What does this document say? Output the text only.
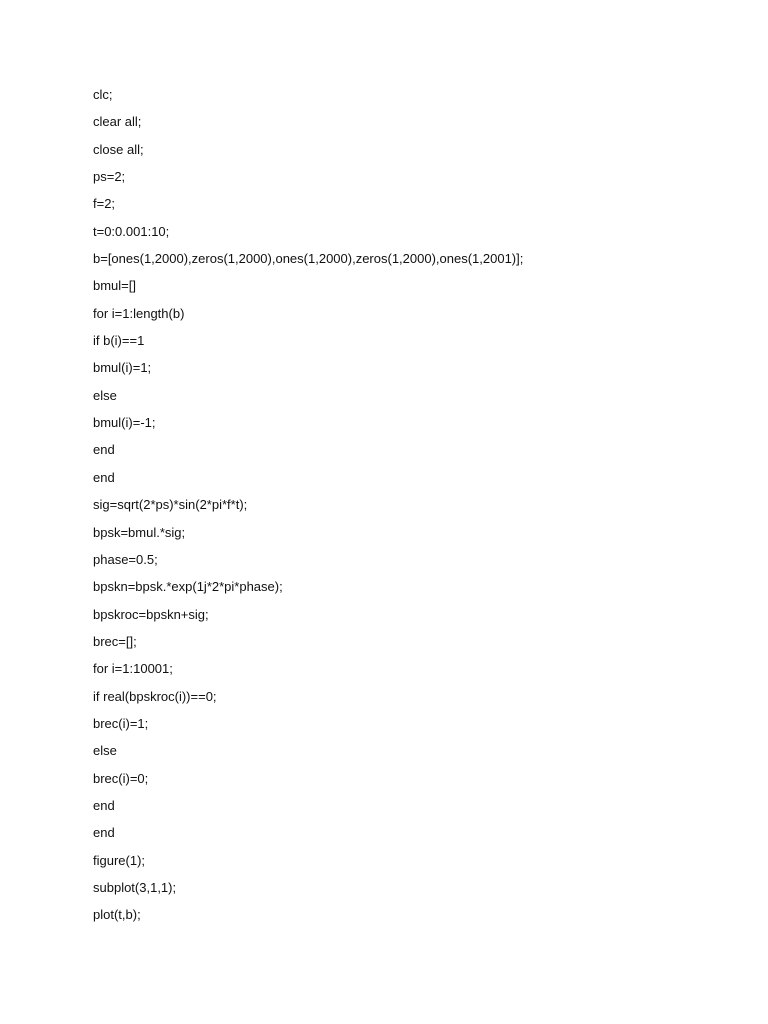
clc;
clear all;
close all;
ps=2;
f=2;
t=0:0.001:10;
b=[ones(1,2000),zeros(1,2000),ones(1,2000),zeros(1,2000),ones(1,2001)];
bmul=[]
for i=1:length(b)
if b(i)==1
bmul(i)=1;
else
bmul(i)=-1;
end
end
sig=sqrt(2*ps)*sin(2*pi*f*t);
bpsk=bmul.*sig;
phase=0.5;
bpskn=bpsk.*exp(1j*2*pi*phase);
bpskroc=bpskn+sig;
brec=[];
for i=1:10001;
if real(bpskroc(i))==0;
brec(i)=1;
else
brec(i)=0;
end
end
figure(1);
subplot(3,1,1);
plot(t,b);
